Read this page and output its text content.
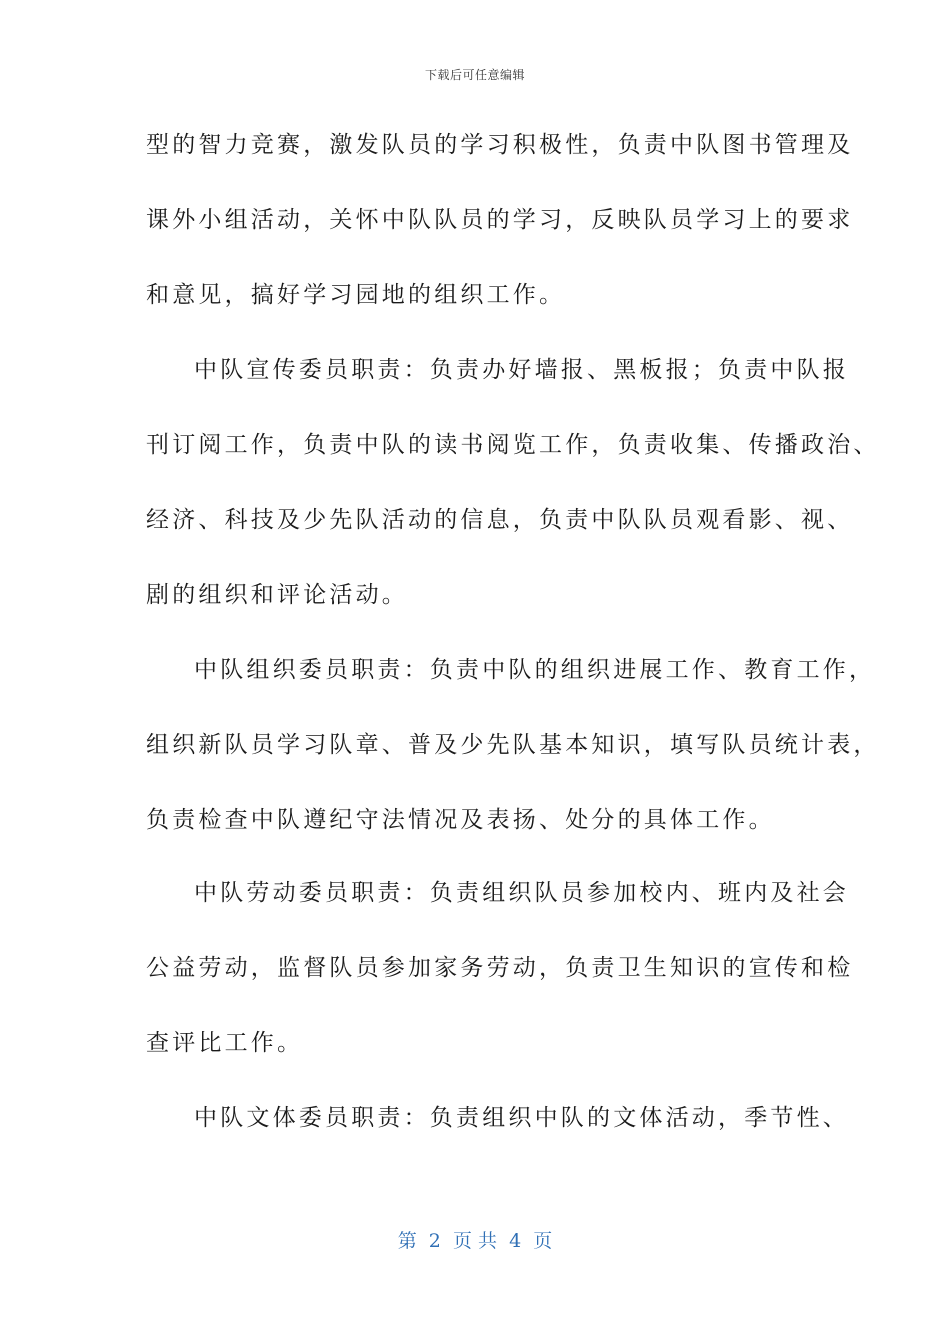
下载后可任意编辑
型的智力竞赛，激发队员的学习积极性，负责中队图书管理及
课外小组活动，关怀中队队员的学习，反映队员学习上的要求
和意见，搞好学习园地的组织工作。
中队宣传委员职责：负责办好墙报、黑板报；负责中队报
刊订阅工作，负责中队的读书阅览工作，负责收集、传播政治、
经济、科技及少先队活动的信息，负责中队队员观看影、视、
剧的组织和评论活动。
中队组织委员职责：负责中队的组织进展工作、教育工作，
组织新队员学习队章、普及少先队基本知识，填写队员统计表，
负责检查中队遵纪守法情况及表扬、处分的具体工作。
中队劳动委员职责：负责组织队员参加校内、班内及社会
公益劳动，监督队员参加家务劳动，负责卫生知识的宣传和检
查评比工作。
中队文体委员职责：负责组织中队的文体活动，季节性、
第  2  页 共  4  页
